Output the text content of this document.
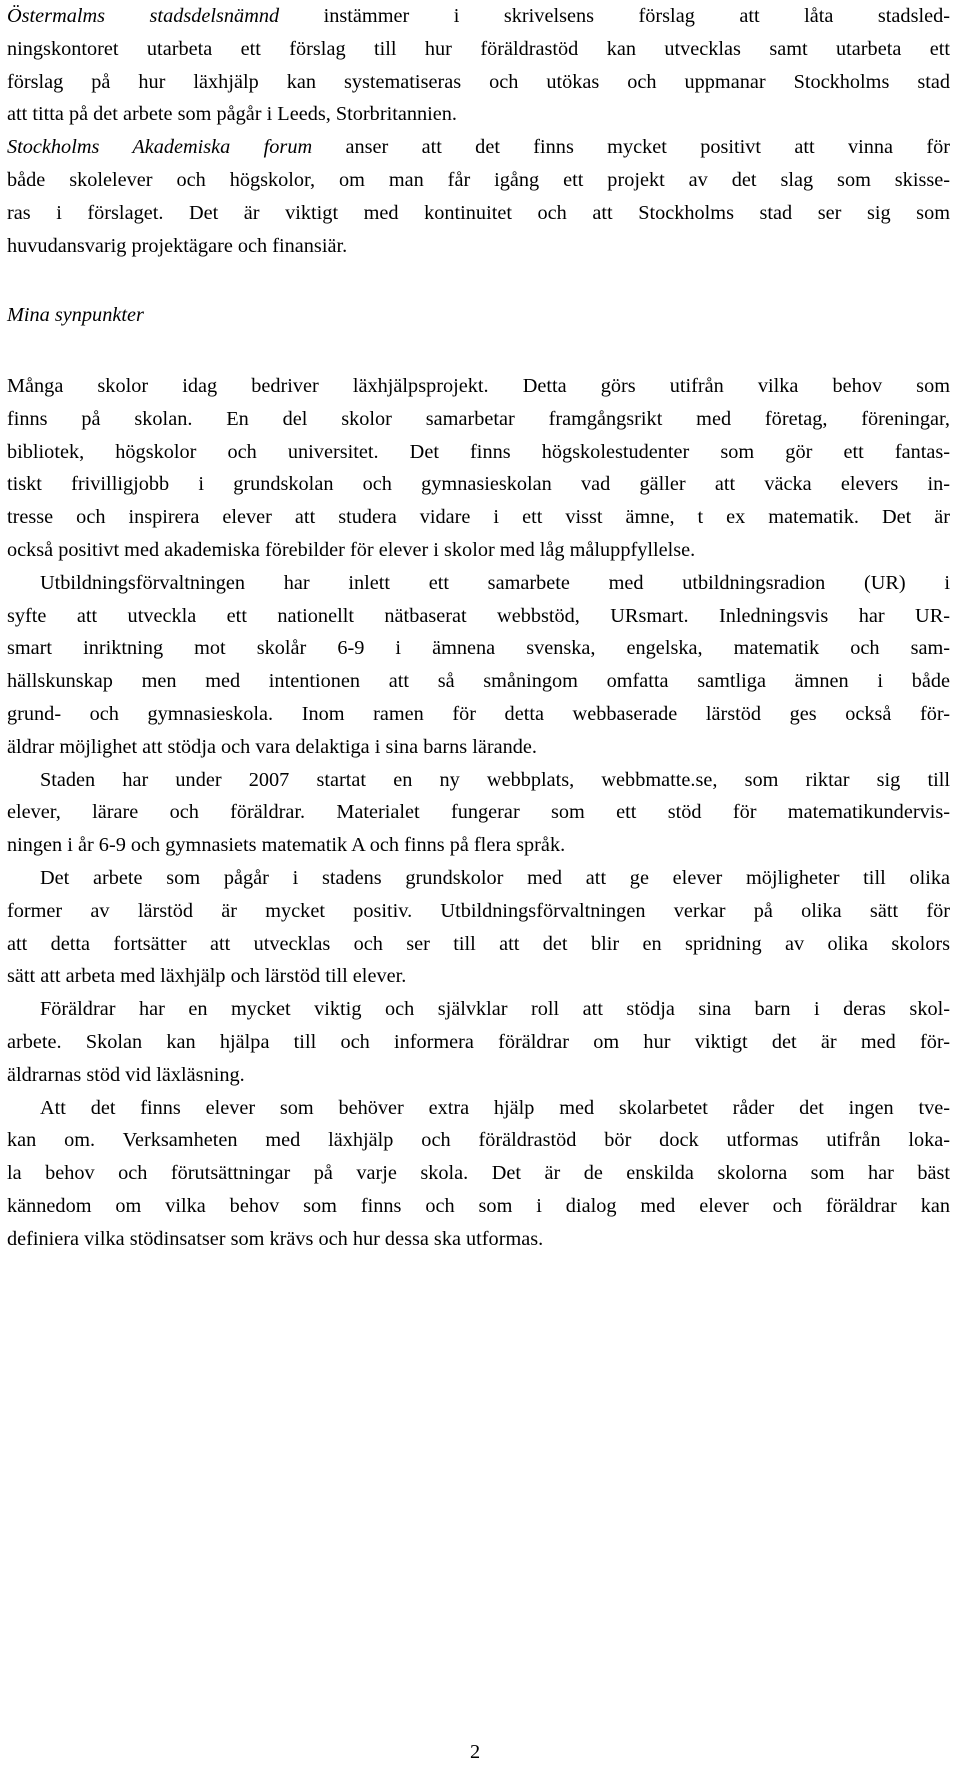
Östermalms stadsdelsnämnd instämmer i skrivelsens förslag att låta stadsled-
ningskontoret utarbeta ett förslag till hur föräldrastöd kan utvecklas samt utarbeta ett
förslag på hur läxhjälp kan systematiseras och utökas och uppmanar Stockholms stad
att titta på det arbete som pågår i Leeds, Storbritannien.

Stockholms Akademiska forum anser att det finns mycket positivt att vinna för
både skolelever och högskolor, om man får igång ett projekt av det slag som skisse-
ras i förslaget. Det är viktigt med kontinuitet och att Stockholms stad ser sig som
huvudansvarig projektägare och finansiär.

Mina synpunkter

Många skolor idag bedriver läxhjälpsprojekt. Detta görs utifrån vilka behov som
finns på skolan. En del skolor samarbetar framgångsrikt med företag, föreningar,
bibliotek, högskolor och universitet. Det finns högskolestudenter som gör ett fantas-
tiskt frivilligjobb i grundskolan och gymnasieskolan vad gäller att väcka elevers in-
tresse och inspirera elever att studera vidare i ett visst ämne, t ex matematik. Det är
också positivt med akademiska förebilder för elever i skolor med låg måluppfyllelse.

Utbildningsförvaltningen har inlett ett samarbete med utbildningsradion (UR) i
syfte att utveckla ett nationellt nätbaserat webbstöd, URsmart. Inledningsvis har UR-
smart inriktning mot skolår 6-9 i ämnena svenska, engelska, matematik och sam-
hällskunskap men med intentionen att så småningom omfatta samtliga ämnen i både
grund- och gymnasieskola. Inom ramen för detta webbaserade lärstöd ges också för-
äldrar möjlighet att stödja och vara delaktiga i sina barns lärande.

Staden har under 2007 startat en ny webbplats, webbmatte.se, som riktar sig till
elever, lärare och föräldrar. Materialet fungerar som ett stöd för matematikundervis-
ningen i år 6-9 och gymnasiets matematik A och finns på flera språk.

Det arbete som pågår i stadens grundskolor med att ge elever möjligheter till olika
former av lärstöd är mycket positiv. Utbildningsförvaltningen verkar på olika sätt för
att detta fortsätter att utvecklas och ser till att det blir en spridning av olika skolors
sätt att arbeta med läxhjälp och lärstöd till elever.

Föräldrar har en mycket viktig och självklar roll att stödja sina barn i deras skol-
arbete. Skolan kan hjälpa till och informera föräldrar om hur viktigt det är med för-
äldrarnas stöd vid läxläsning.

Att det finns elever som behöver extra hjälp med skolarbetet råder det ingen tve-
kan om. Verksamheten med läxhjälp och föräldrastöd bör dock utformas utifrån loka-
la behov och förutsättningar på varje skola. Det är de enskilda skolorna som har bäst
kännedom om vilka behov som finns och som i dialog med elever och föräldrar kan
definiera vilka stödinsatser som krävs och hur dessa ska utformas.

2
